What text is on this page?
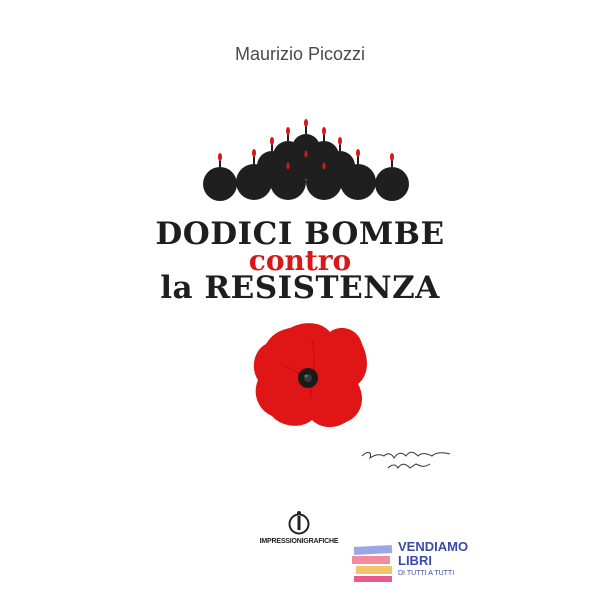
Maurizio Picozzi
DODICI BOMBE
contro
la RESISTENZA
IMPRESSIONIGRAFICHE	VENDIAMO
LIBRI
DI TUTTI A TUTTI
